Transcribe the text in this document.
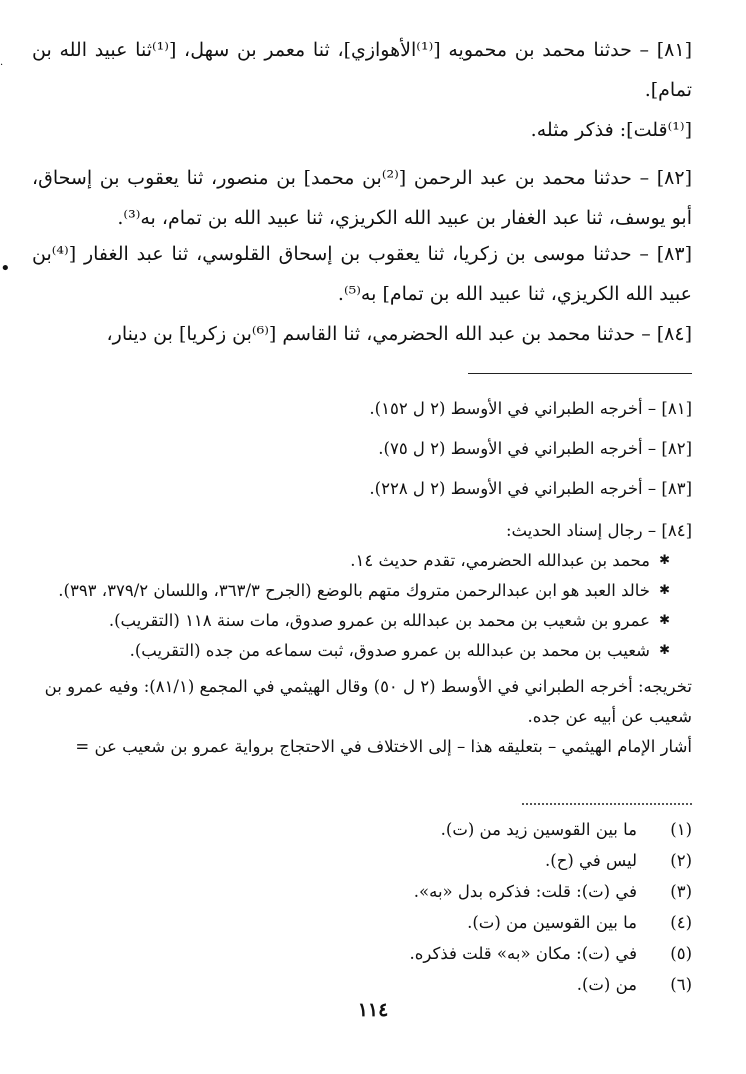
[٨١] – حدثنا محمد بن محمويه [⁽¹⁾الأهوازي]، ثنا معمر بن سهل، [⁽¹⁾ثنا عبيد الله بن تمام].

[⁽¹⁾قلت]: فذكر مثله.

[٨٢] – حدثنا محمد بن عبد الرحمن [⁽²⁾بن محمد] بن منصور، ثنا يعقوب بن إسحاق، أبو يوسف، ثنا عبد الغفار بن عبيد الله الكريزي، ثنا عبيد الله بن تمام، به⁽³⁾.

[٨٣] – حدثنا موسى بن زكريا، ثنا يعقوب بن إسحاق القلوسي، ثنا عبد الغفار [⁽⁴⁾بن عبيد الله الكريزي، ثنا عبيد الله بن تمام] به⁽⁵⁾.

[٨٤] – حدثنا محمد بن عبد الله الحضرمي، ثنا القاسم [⁽⁶⁾بن زكريا] بن دينار،

[٨١] – أخرجه الطبراني في الأوسط (٢ ل ١٥٢).

[٨٢] – أخرجه الطبراني في الأوسط (٢ ل ٧٥).

[٨٣] – أخرجه الطبراني في الأوسط (٢ ل ٢٢٨).

[٨٤] – رجال إسناد الحديث:

✱ محمد بن عبدالله الحضرمي، تقدم حديث ١٤.

✱ خالد العبد هو ابن عبدالرحمن متروك متهم بالوضع (الجرح ٣٦٣/٣، واللسان ٣٧٩/٢، ٣٩٣).

✱ عمرو بن شعيب بن محمد بن عبدالله بن عمرو صدوق، مات سنة ١١٨ (التقريب).

✱ شعيب بن محمد بن عبدالله بن عمرو صدوق، ثبت سماعه من جده (التقريب).

تخريجه: أخرجه الطبراني في الأوسط (٢ ل ٥٠) وقال الهيثمي في المجمع (٨١/١): وفيه عمرو بن شعيب عن أبيه عن جده.

أشار الإمام الهيثمي – بتعليقه هذا – إلى الاختلاف في الاحتجاج برواية عمرو بن شعيب عن =

(١)
ما بين القوسين زيد من (ت).
(٢)
ليس في (ح).
(٣)
في (ت): قلت: فذكره بدل «به».
(٤)
ما بين القوسين من (ت).
(٥)
في (ت): مكان «به» قلت فذكره.
(٦)
من (ت).
١١٤
•
·
